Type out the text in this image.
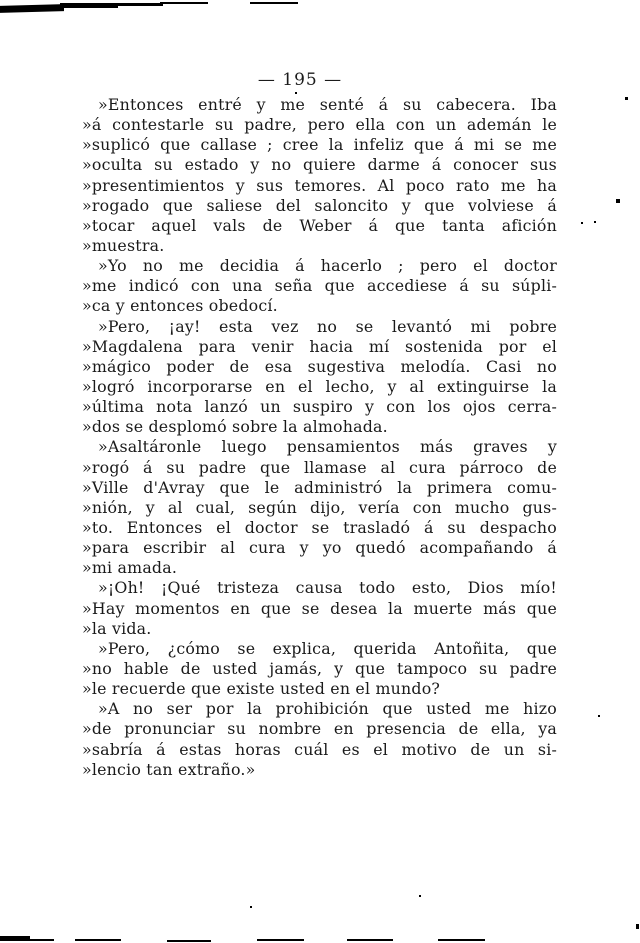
— 195 —
»Entonces entré y me senté á su cabecera. Iba
»á contestarle su padre, pero ella con un ademán le
»suplicó que callase ; cree la infeliz que á mi se me
»oculta su estado y no quiere darme á conocer sus
»presentimientos y sus temores. Al poco rato me ha
»rogado que saliese del saloncito y que volviese á
»tocar aquel vals de Weber á que tanta afición
»muestra.
»Yo no me decidia á hacerlo ; pero el doctor
»me indicó con una seña que accediese á su súpli-
»ca y entonces obedocí.
»Pero, ¡ay! esta vez no se levantó mi pobre
»Magdalena para venir hacia mí sostenida por el
»mágico poder de esa sugestiva melodía. Casi no
»logró incorporarse en el lecho, y al extinguirse la
»última nota lanzó un suspiro y con los ojos cerra-
»dos se desplomó sobre la almohada.
»Asaltáronle luego pensamientos más graves y
»rogó á su padre que llamase al cura párroco de
»Ville d'Avray que le administró la primera comu-
»nión, y al cual, según dijo, vería con mucho gus-
»to. Entonces el doctor se trasladó á su despacho
»para escribir al cura y yo quedó acompañando á
»mi amada.
»¡Oh! ¡Qué tristeza causa todo esto, Dios mío!
»Hay momentos en que se desea la muerte más que
»la vida.
»Pero, ¿cómo se explica, querida Antoñita, que
»no hable de usted jamás, y que tampoco su padre
»le recuerde que existe usted en el mundo?
»A no ser por la prohibición que usted me hizo
»de pronunciar su nombre en presencia de ella, ya
»sabría á estas horas cuál es el motivo de un si-
»lencio tan extraño.»
